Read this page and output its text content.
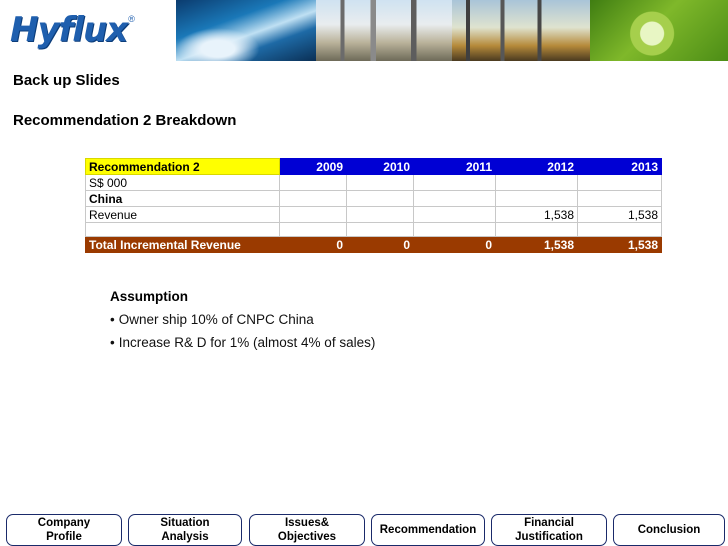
Hyflux ®
Back up Slides
Recommendation 2 Breakdown
Recommendation 2	2009	2010	2011	2012	2013
S$ 000					
China					
Revenue				1,538	1,538

Total Incremental Revenue	0	0	0	1,538	1,538
Assumption
• Owner ship 10% of CNPC China
• Increase R& D for 1% (almost 4% of sales)
Company
Profile
Situation
Analysis
Issues&
Objectives
Recommendation
Financial
Justification
Conclusion
